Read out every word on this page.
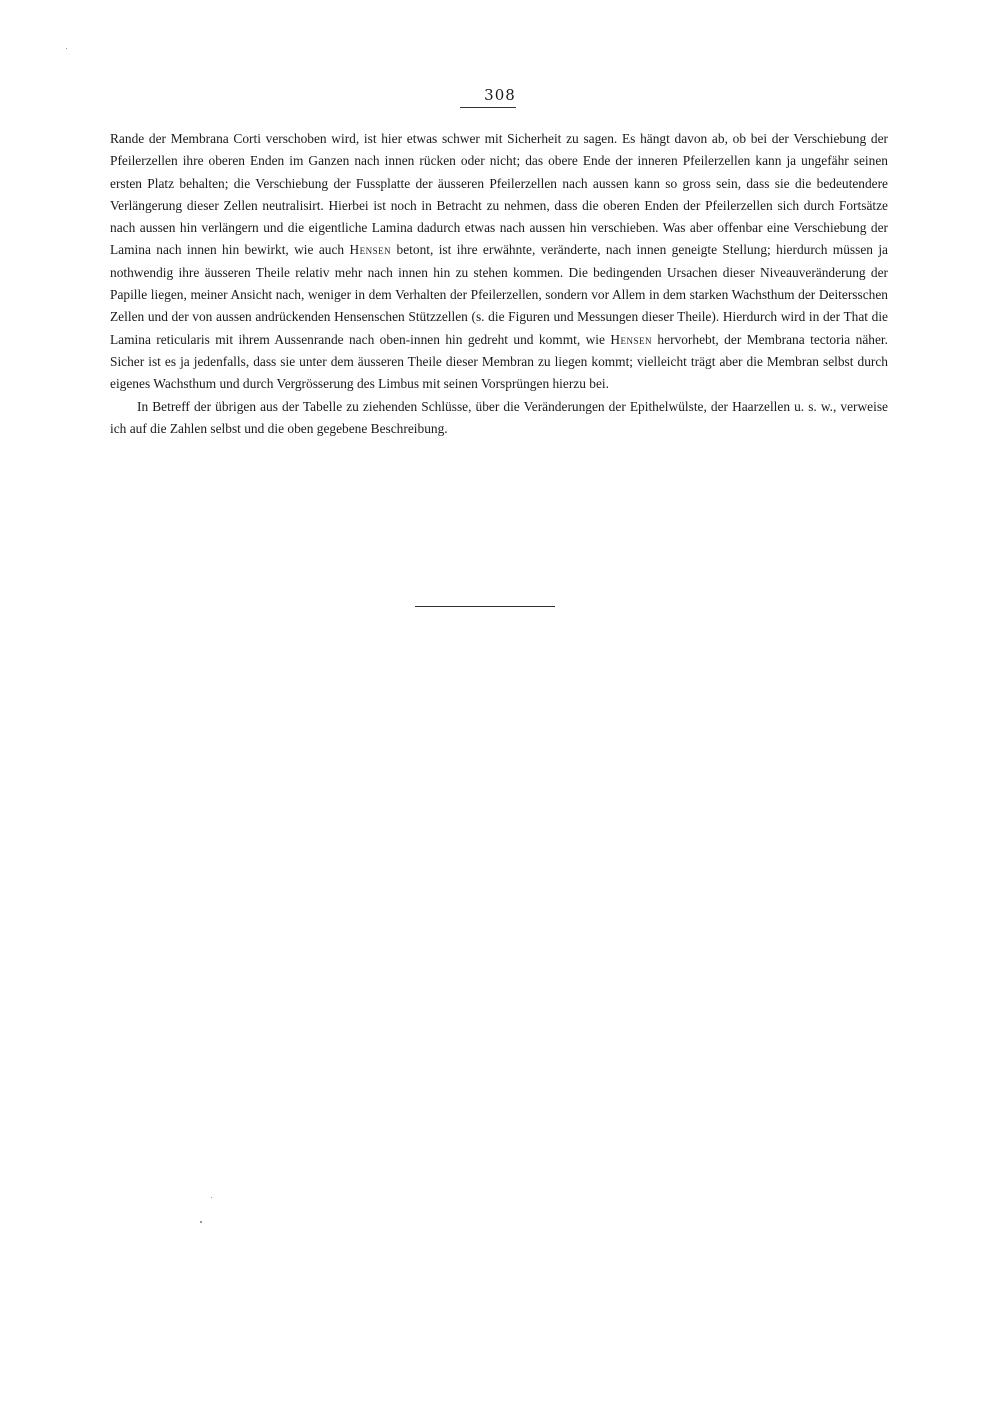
308

Rande der Membrana Corti verschoben wird, ist hier etwas schwer mit Sicherheit zu sagen. Es hängt davon ab, ob bei der Verschiebung der Pfeilerzellen ihre oberen Enden im Ganzen nach innen rücken oder nicht; das obere Ende der inneren Pfeilerzellen kann ja ungefähr seinen ersten Platz behalten; die Verschiebung der Fussplatte der äusseren Pfeilerzellen nach aussen kann so gross sein, dass sie die bedeutendere Verlängerung dieser Zellen neutralisirt. Hierbei ist noch in Betracht zu nehmen, dass die oberen Enden der Pfeilerzellen sich durch Fortsätze nach aussen hin verlängern und die eigentliche Lamina dadurch etwas nach aussen hin verschieben. Was aber offenbar eine Verschiebung der Lamina nach innen hin bewirkt, wie auch Hensen betont, ist ihre erwähnte, veränderte, nach innen geneigte Stellung; hierdurch müssen ja nothwendig ihre äusseren Theile relativ mehr nach innen hin zu stehen kommen. Die bedingenden Ursachen dieser Niveauveränderung der Papille liegen, meiner Ansicht nach, weniger in dem Verhalten der Pfeilerzellen, sondern vor Allem in dem starken Wachsthum der Deitersschen Zellen und der von aussen andrückenden Hensenschen Stützzellen (s. die Figuren und Messungen dieser Theile). Hierdurch wird in der That die Lamina reticularis mit ihrem Aussenrande nach oben-innen hin gedreht und kommt, wie Hensen hervorhebt, der Membrana tectoria näher. Sicher ist es ja jedenfalls, dass sie unter dem äusseren Theile dieser Membran zu liegen kommt; vielleicht trägt aber die Membran selbst durch eigenes Wachsthum und durch Vergrösserung des Limbus mit seinen Vorsprüngen hierzu bei.

In Betreff der übrigen aus der Tabelle zu ziehenden Schlüsse, über die Veränderungen der Epithelwülste, der Haarzellen u. s. w., verweise ich auf die Zahlen selbst und die oben gegebene Beschreibung.
